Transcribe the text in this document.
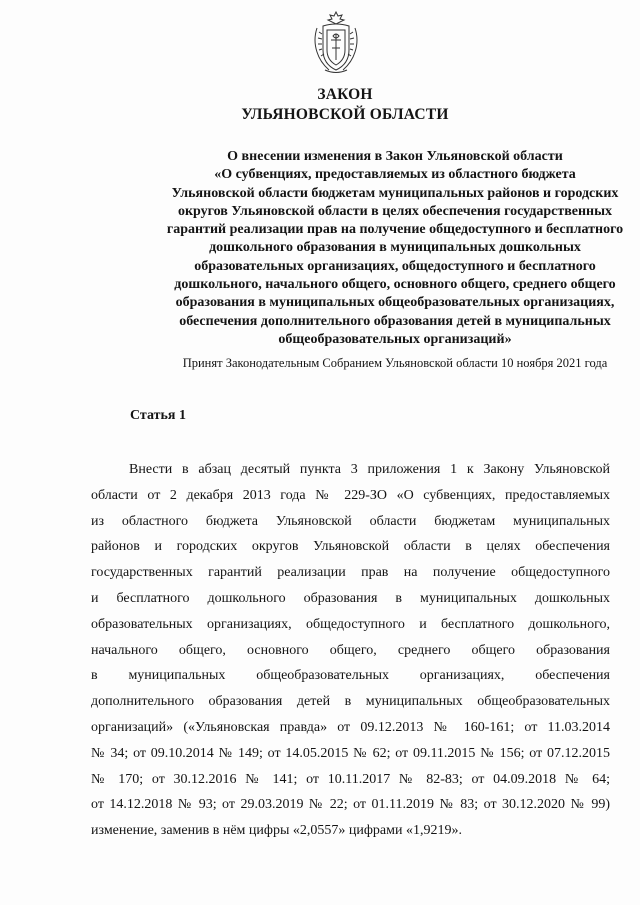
ЗАКОН
УЛЬЯНОВСКОЙ ОБЛАСТИ
О внесении изменения в Закон Ульяновской области
«О субвенциях, предоставляемых из областного бюджета
Ульяновской области бюджетам муниципальных районов и городских
округов Ульяновской области в целях обеспечения государственных
гарантий реализации прав на получение общедоступного и бесплатного
дошкольного образования в муниципальных дошкольных
образовательных организациях, общедоступного и бесплатного
дошкольного, начального общего, основного общего, среднего общего
образования в муниципальных общеобразовательных организациях,
обеспечения дополнительного образования детей в муниципальных
общеобразовательных организаций»
Принят Законодательным Собранием Ульяновской области 10 ноября 2021 года
Статья 1
Внести в абзац десятый пункта 3 приложения 1 к Закону Ульяновской
области от 2 декабря 2013 года № 229-ЗО «О субвенциях, предоставляемых
из областного бюджета Ульяновской области бюджетам муниципальных
районов и городских округов Ульяновской области в целях обеспечения
государственных гарантий реализации прав на получение общедоступного
и бесплатного дошкольного образования в муниципальных дошкольных
образовательных организациях, общедоступного и бесплатного дошкольного,
начального общего, основного общего, среднего общего образования
в муниципальных общеобразовательных организациях, обеспечения
дополнительного образования детей в муниципальных общеобразовательных
организаций» («Ульяновская правда» от 09.12.2013 № 160-161; от 11.03.2014
№ 34; от 09.10.2014 № 149; от 14.05.2015 № 62; от 09.11.2015 № 156; от 07.12.2015
№ 170; от 30.12.2016 № 141; от 10.11.2017 № 82-83; от 04.09.2018 № 64;
от 14.12.2018 № 93; от 29.03.2019 № 22; от 01.11.2019 № 83; от 30.12.2020 № 99)
изменение, заменив в нём цифры «2,0557» цифрами «1,9219».
